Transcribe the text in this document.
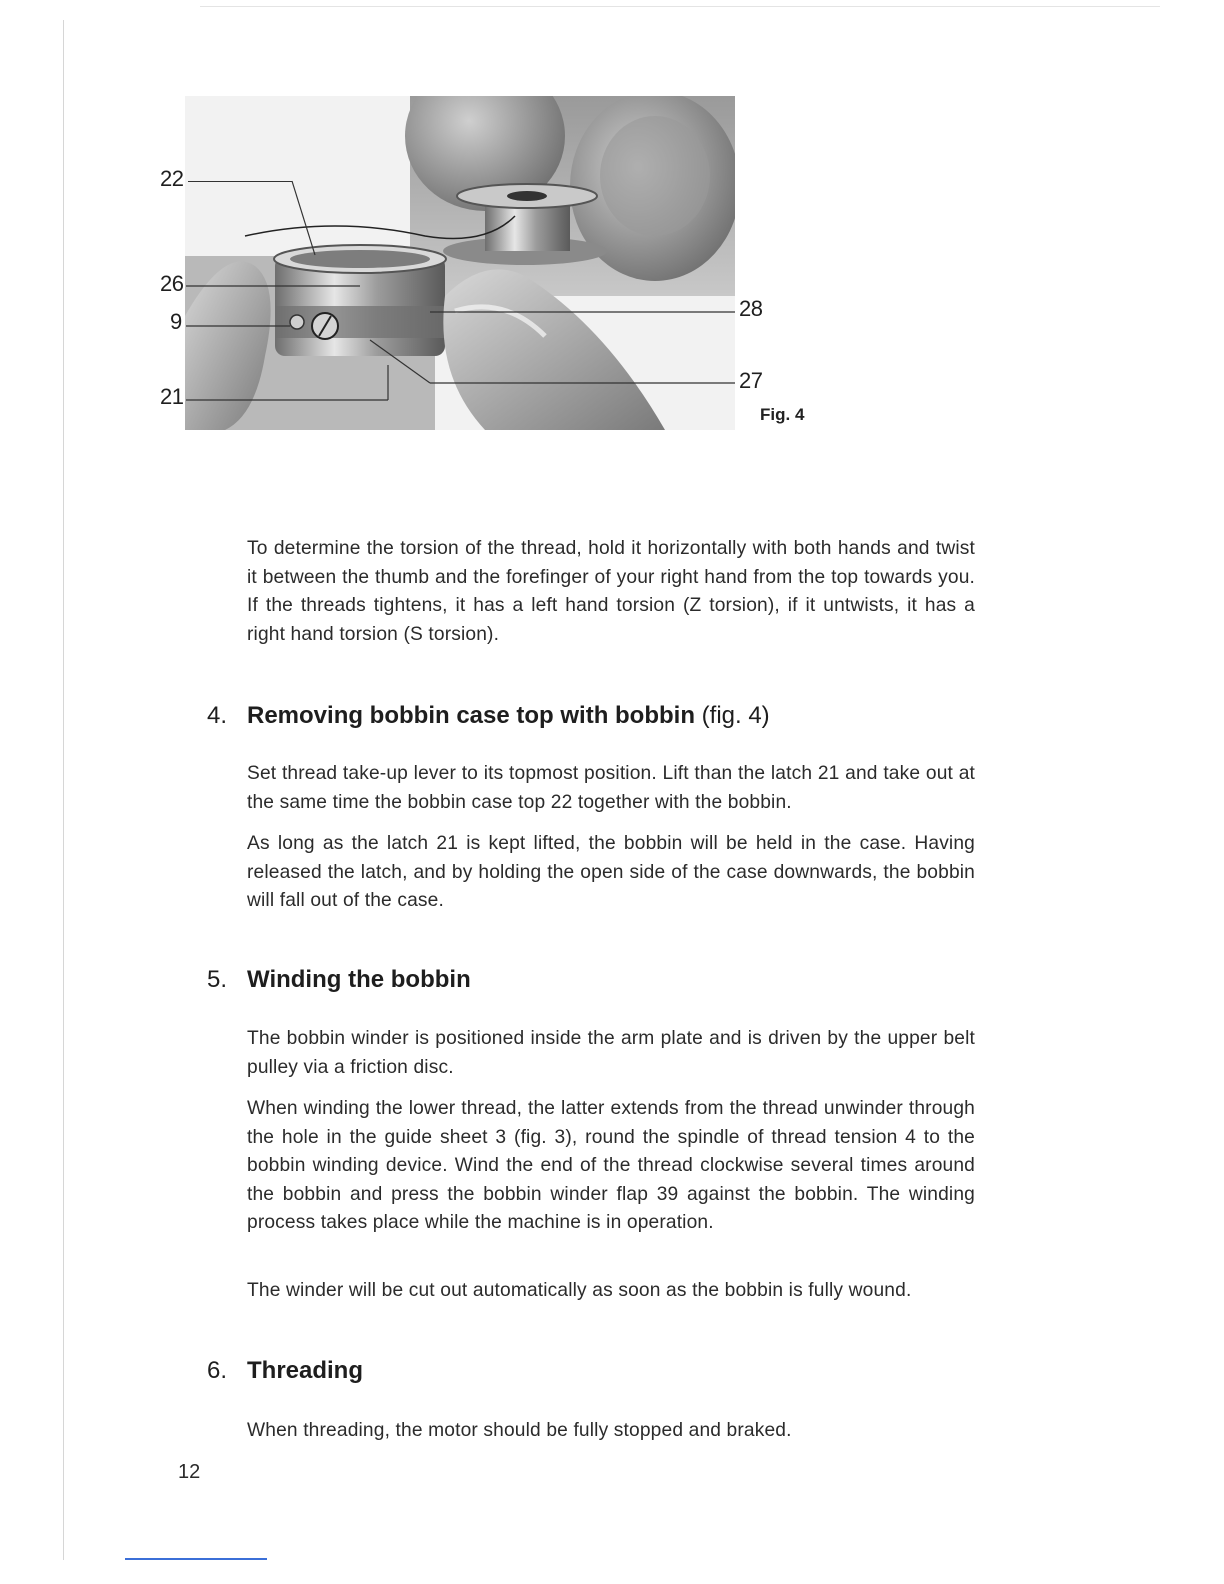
22
26
9
21
28
27
Fig. 4

To determine the torsion of the thread, hold it horizontally with both hands and twist it between the thumb and the forefinger of your right hand from the top towards you. If the threads tightens, it has a left hand torsion (Z torsion), if it untwists, it has a right hand torsion (S torsion).

4. Removing bobbin case top with bobbin (fig. 4)

Set thread take-up lever to its topmost position. Lift than the latch 21 and take out at the same time the bobbin case top 22 together with the bobbin.

As long as the latch 21 is kept lifted, the bobbin will be held in the case. Having released the latch, and by holding the open side of the case downwards, the bobbin will fall out of the case.

5. Winding the bobbin

The bobbin winder is positioned inside the arm plate and is driven by the upper belt pulley via a friction disc.

When winding the lower thread, the latter extends from the thread unwinder through the hole in the guide sheet 3 (fig. 3), round the spindle of thread tension 4 to the bobbin winding device. Wind the end of the thread clockwise several times around the bobbin and press the bobbin winder flap 39 against the bobbin. The winding process takes place while the machine is in operation.

The winder will be cut out automatically as soon as the bobbin is fully wound.

6. Threading

When threading, the motor should be fully stopped and braked.

12
